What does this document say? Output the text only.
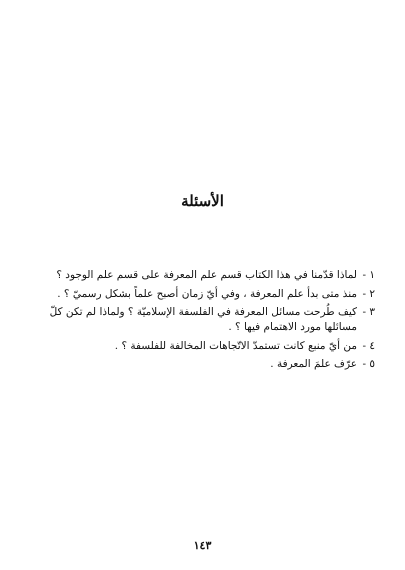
الأسئلة
١ -
لماذا قدّمنا في هذا الكتاب قسم علم المعرفة على قسم علم الوجود ؟
٢ -
منذ متى بدأ علم المعرفة ، وفي أيّ زمان أصبح علماً بشكل رسميّ ؟ .
٣ -
كيف طُرحت مسائل المعرفة في الفلسفة الإسلاميّة ؟ ولماذا لم تكن كلّ مسائلها مورد الاهتمام فيها ؟ .
٤ -
من أيّ منبع كانت تستمدّ الاتّجاهات المخالفة للفلسفة ؟ .
٥ -
عرّف علمَ المعرفة .
١٤٣
